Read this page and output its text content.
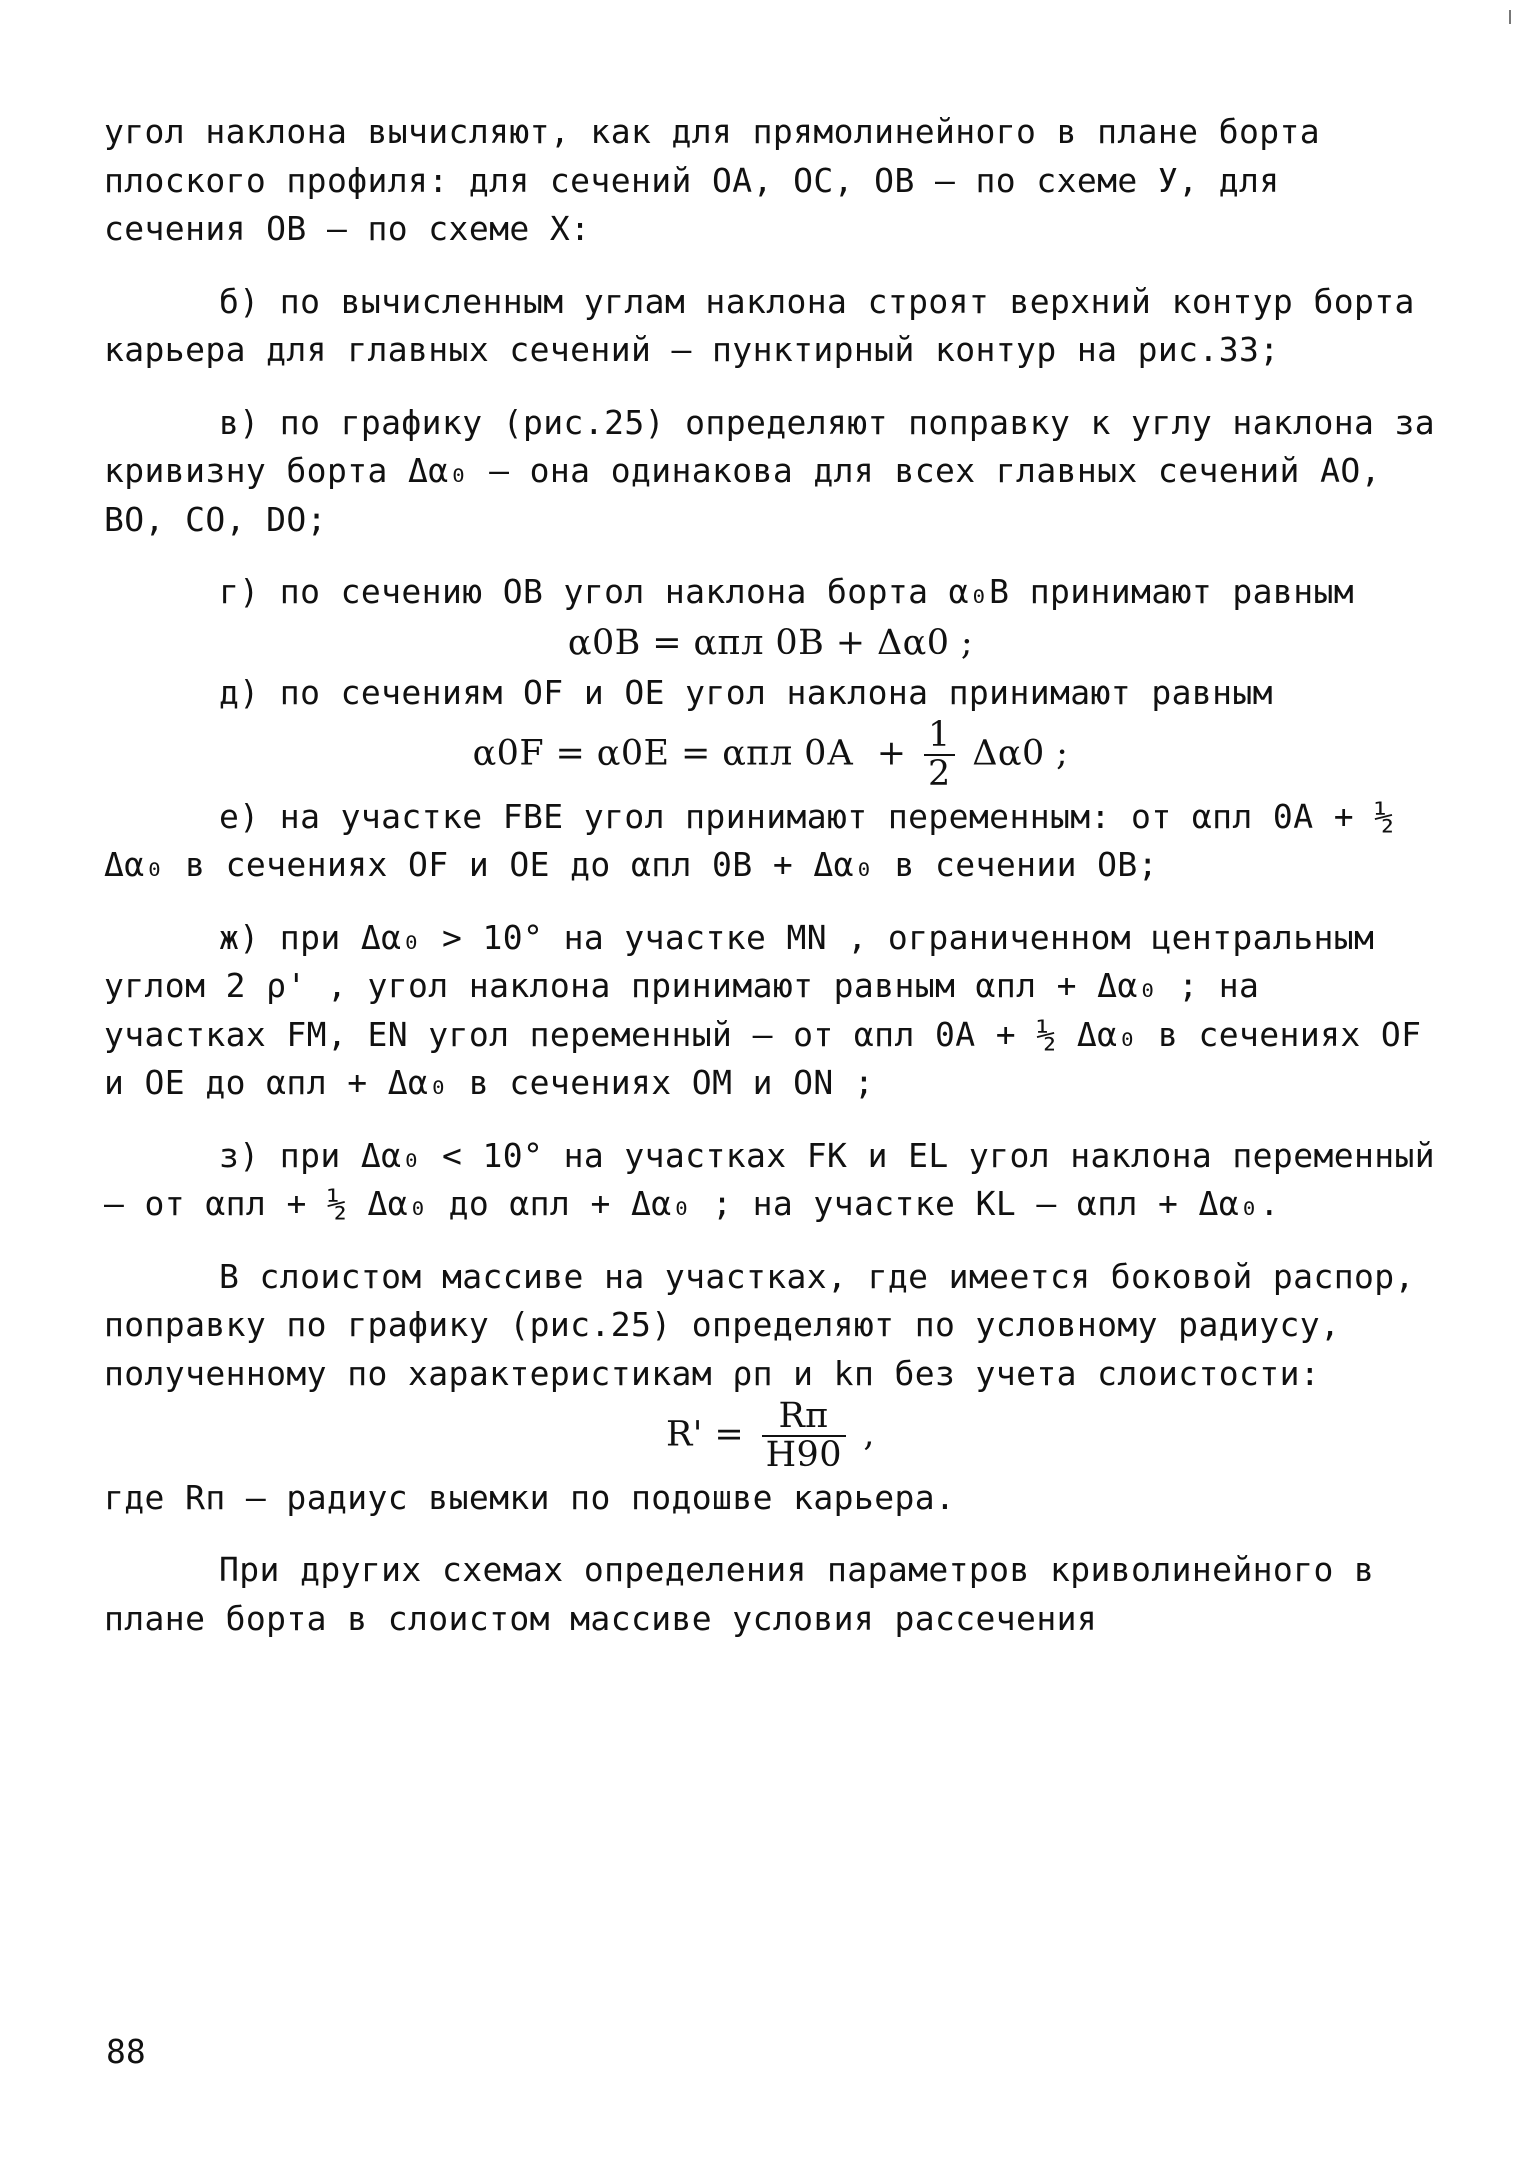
угол наклона вычисляют, как для прямолинейного в плане борта плоского профиля: для сечений ОА, ОС, ОВ – по схеме У, для сечения ОВ – по схеме Х:

б) по вычисленным углам наклона строят верхний контур борта карьера для главных сечений – пунктирный контур на рис.33;

в) по графику (рис.25) определяют поправку к углу наклона за кривизну борта Δα₀ – она одинакова для всех главных сечений АО, ВО, СО, DО;

г) по сечению ОВ угол наклона борта α₀В принимают равным

α0В = αпл 0В + Δα0 ;

д) по сечениям OF и ОЕ угол наклона принимают равным

α0F = α0E = αпл $0А + \frac{1}{2} \Delta\alpha 0$ ;

е) на участке FBE угол принимают переменным: от αпл 0А + ½ Δα₀ в сечениях OF и ОЕ до αпл 0В + Δα₀ в сечении ОВ;

ж) при Δα₀ > 10° на участке MN , ограниченном центральным углом 2 ρ' , угол наклона принимают равным αпл + Δα₀ ; на участках FM, EN угол переменный – от αпл 0А + ½ Δα₀ в сечениях OF и ОЕ до αпл + Δα₀ в сечениях ОМ и ON ;

з) при Δα₀ < 10° на участках FK и EL угол наклона переменный – от αпл + ½ Δα₀ до αпл + Δα₀ ; на участке KL – αпл + Δα₀.

В слоистом массиве на участках, где имеется боковой распор, поправку по графику (рис.25) определяют по условному радиусу, полученному по характеристикам ρп и kп без учета слоистости:

$R' = \frac{Rп}{H90}$ ,

где Rп – радиус выемки по подошве карьера.

При других схемах определения параметров криволинейного в плане борта в слоистом массиве условия рассечения

88
